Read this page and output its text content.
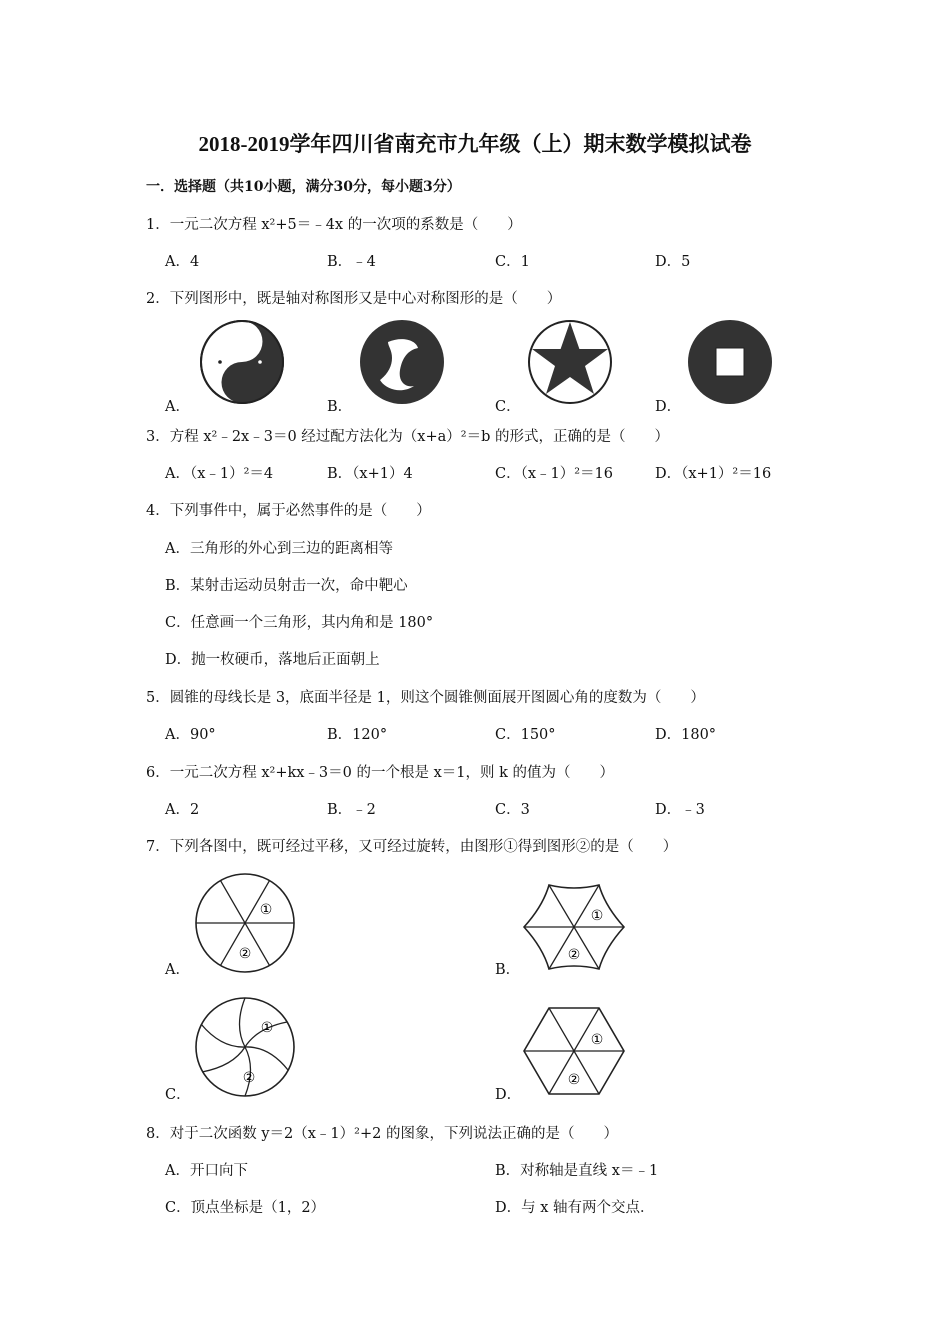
2018-2019学年四川省南充市九年级（上）期末数学模拟试卷
一．选择题（共10小题，满分30分，每小题3分）
1．一元二次方程 x²+5＝﹣4x 的一次项的系数是（　　）
A．4	B．﹣4	C．1	D．5
2．下列图形中，既是轴对称图形又是中心对称图形的是（　　）
A．	B．	C．	D．
3．方程 x²﹣2x﹣3＝0 经过配方法化为（x+a）²＝b 的形式，正确的是（　　）
A．（x﹣1）²＝4	B．（x+1）4	C．（x﹣1）²＝16	D．（x+1）²＝16
4．下列事件中，属于必然事件的是（　　）
A．三角形的外心到三边的距离相等
B．某射击运动员射击一次，命中靶心
C．任意画一个三角形，其内角和是 180°
D．抛一枚硬币，落地后正面朝上
5．圆锥的母线长是 3，底面半径是 1，则这个圆锥侧面展开图圆心角的度数为（　　）
A．90°	B．120°	C．150°	D．180°
6．一元二次方程 x²+kx﹣3＝0 的一个根是 x＝1，则 k 的值为（　　）
A．2	B．﹣2	C．3	D．﹣3
7．下列各图中，既可经过平移，又可经过旋转，由图形①得到图形②的是（　　）
A．	B．
C．	D．
①
②
①
②
①
②
①
②
8．对于二次函数 y＝2（x﹣1）²+2 的图象，下列说法正确的是（　　）
A．开口向下	B．对称轴是直线 x＝﹣1
C．顶点坐标是（1，2）	D．与 x 轴有两个交点．
